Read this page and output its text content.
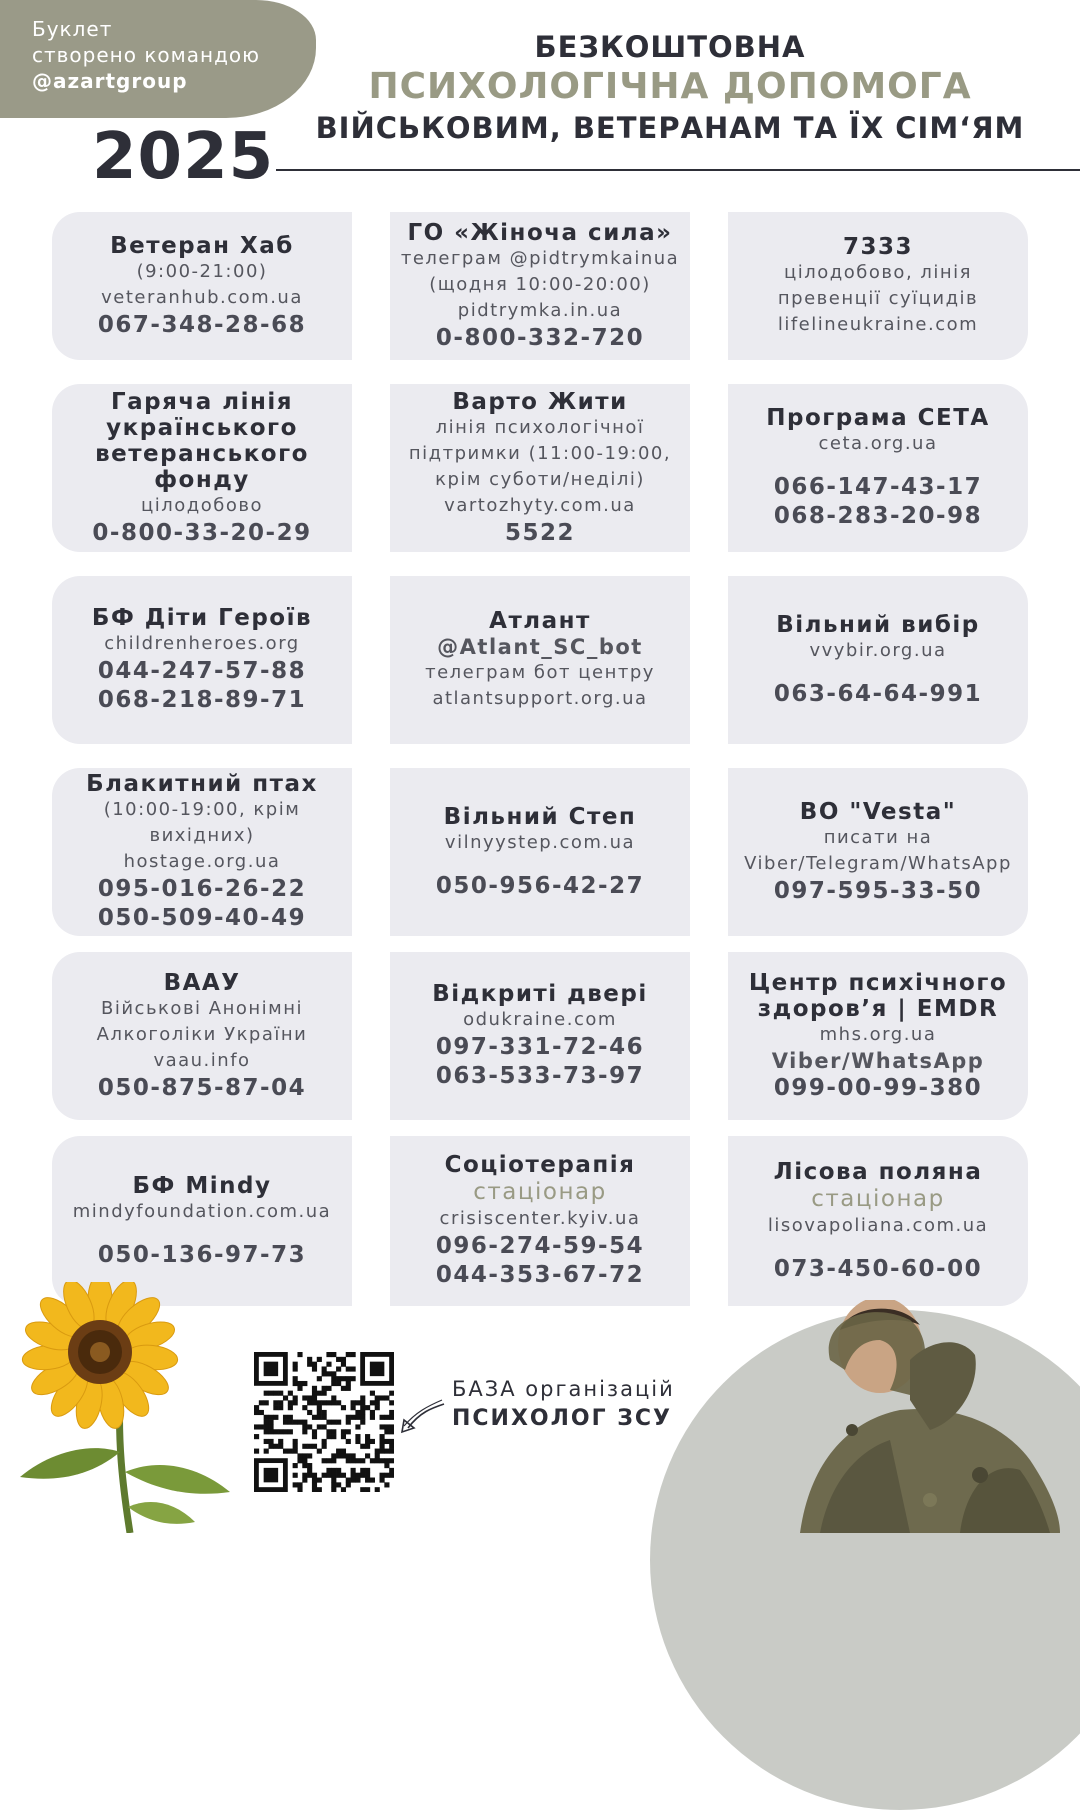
Буклет
створено командою
@azartgroup
2025
БЕЗКОШТОВНА
ПСИХОЛОГІЧНА ДОПОМОГА
ВІЙСЬКОВИМ, ВЕТЕРАНАМ ТА ЇХ СІМ‘ЯМ
Ветеран Хаб
(9:00-21:00)
veteranhub.com.ua
067-348-28-68
ГО «Жіноча сила»
телеграм @pidtrymkainua
(щодня 10:00-20:00)
pidtrymka.in.ua
0-800-332-720
7333
цілодобово, лінія
превенції суїцидів
lifelineukraine.com
Гаряча лінія
українського
ветеранського фонду
цілодобово
0-800-33-20-29
Варто Жити
лінія психологічної
підтримки (11:00-19:00,
крім суботи/неділі)
vartozhyty.com.ua
5522
Програма СЕТА
ceta.org.ua
066-147-43-17
068-283-20-98
БФ Діти Героїв
childrenheroes.org
044-247-57-88
068-218-89-71
Атлант
@Atlant_SC_bot
телеграм бот центру
atlantsupport.org.ua
Вільний вибір
vvybir.org.ua
063-64-64-991
Блакитний птах
(10:00-19:00, крім вихідних)
hostage.org.ua
095-016-26-22
050-509-40-49
Вільний Степ
vilnyystep.com.ua
050-956-42-27
ВО "Vesta"
писати на
Viber/Telegram/WhatsApp
097-595-33-50
ВААУ
Військові Анонімні
Алкоголіки України
vaau.info
050-875-87-04
Відкриті двері
odukraine.com
097-331-72-46
063-533-73-97
Центр психічного
здоров’я | EMDR
mhs.org.ua
Viber/WhatsApp
099-00-99-380
БФ Mindy
mindyfoundation.com.ua
050-136-97-73
Соціотерапія
стаціонар
crisiscenter.kyiv.ua
096-274-59-54
044-353-67-72
Лісова поляна
стаціонар
lisovapoliana.com.ua
073-450-60-00
БАЗА організацій
ПСИХОЛОГ ЗСУ
